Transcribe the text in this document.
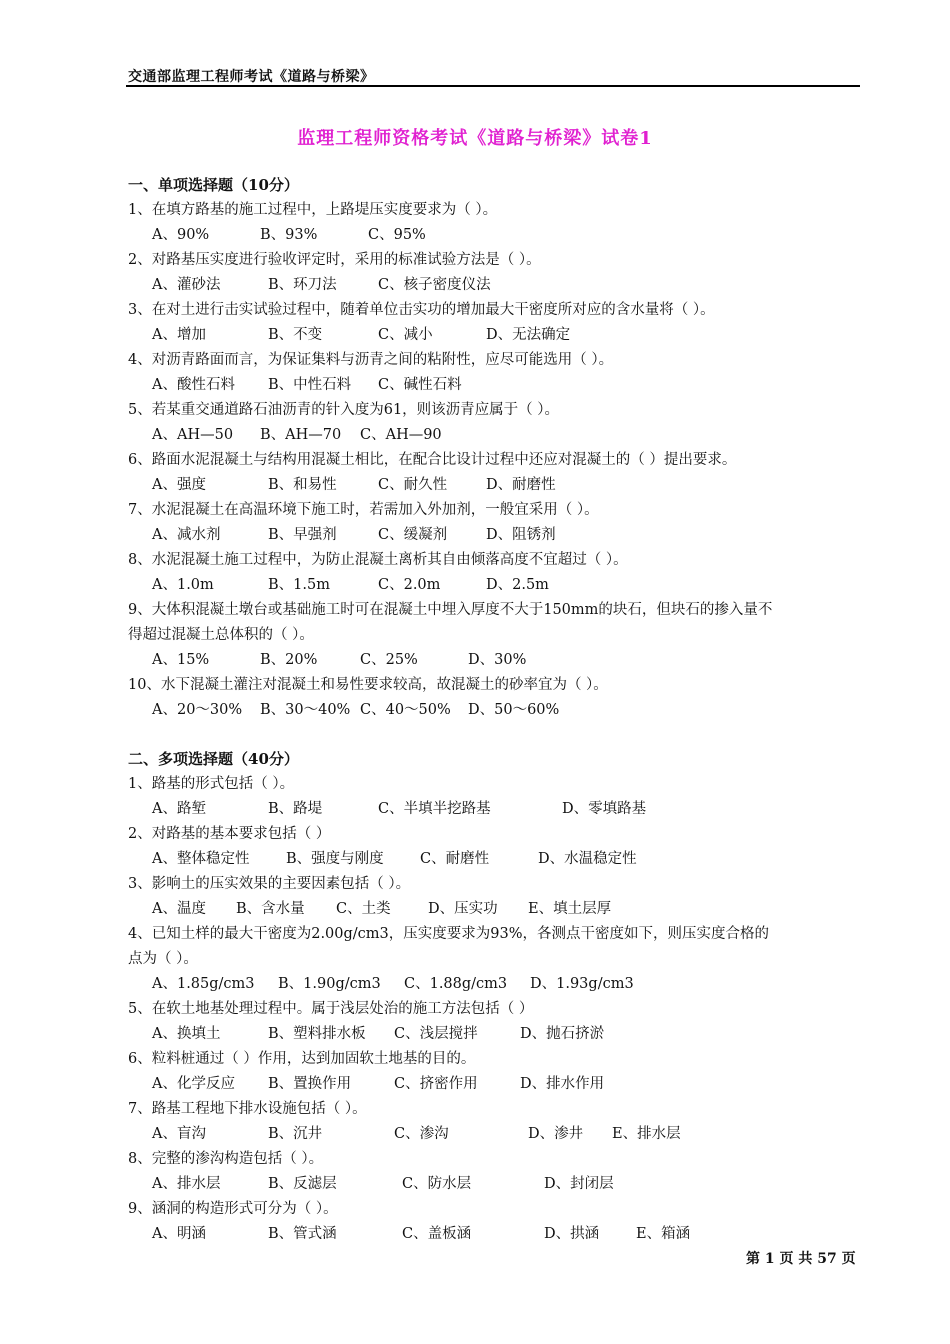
交通部监理工程师考试《道路与桥梁》
监理工程师资格考试《道路与桥梁》试卷1
一、单项选择题（10分）
1、在填方路基的施工过程中，上路堤压实度要求为（ ）。
A、90%	B、93%	C、95%
2、对路基压实度进行验收评定时，采用的标准试验方法是（ ）。
A、灌砂法	B、环刀法	C、核子密度仪法
3、在对土进行击实试验过程中，随着单位击实功的增加最大干密度所对应的含水量将（ ）。
A、增加	B、不变	C、减小	D、无法确定
4、对沥青路面而言，为保证集料与沥青之间的粘附性，应尽可能选用（ ）。
A、酸性石料 B、中性石料 C、碱性石料
5、若某重交通道路石油沥青的针入度为61，则该沥青应属于（ ）。
A、AH—50 B、AH—70 C、AH—90
6、路面水泥混凝土与结构用混凝土相比，在配合比设计过程中还应对混凝土的（ ）提出要求。
A、强度	B、和易性	C、耐久性	D、耐磨性
7、水泥混凝土在高温环境下施工时，若需加入外加剂，一般宜采用（ ）。
A、减水剂	B、早强剂	C、缓凝剂	D、阻锈剂
8、水泥混凝土施工过程中，为防止混凝土离析其自由倾落高度不宜超过（ ）。
A、1.0m	B、1.5m	C、2.0m	D、2.5m
9、大体积混凝土墩台或基础施工时可在混凝土中埋入厚度不大于150mm的块石，但块石的掺入量不
得超过混凝土总体积的（ ）。
A、15%	B、20%	C、25%	D、30%
10、水下混凝土灌注对混凝土和易性要求较高，故混凝土的砂率宜为（ ）。
A、20～30% B、30～40% C、40～50% D、50～60%
二、多项选择题（40分）
1、路基的形式包括（ ）。
A、路堑	B、路堤	C、半填半挖路基	D、零填路基
2、对路基的基本要求包括（ ）
A、整体稳定性	B、强度与刚度	C、耐磨性	D、水温稳定性
3、影响土的压实效果的主要因素包括（ ）。
A、温度 B、含水量 C、土类	D、压实功 E、填土层厚
4、已知土样的最大干密度为2.00g/cm3，压实度要求为93%，各测点干密度如下，则压实度合格的
点为（ ）。
A、1.85g/cm3 B、1.90g/cm3 C、1.88g/cm3 D、1.93g/cm3
5、在软土地基处理过程中。属于浅层处治的施工方法包括（ ）
A、换填土	B、塑料排水板 C、浅层搅拌	D、抛石挤淤
6、粒料桩通过（ ）作用，达到加固软土地基的目的。
A、化学反应 B、置换作用	C、挤密作用	D、排水作用
7、路基工程地下排水设施包括（ ）。
A、盲沟	B、沉井	C、渗沟	D、渗井 E、排水层
8、完整的渗沟构造包括（ ）。
A、排水层	B、反滤层	C、防水层	D、封闭层
9、涵洞的构造形式可分为（ ）。
A、明涵	B、管式涵	C、盖板涵	D、拱涵	E、箱涵
第 1 页 共 57 页
